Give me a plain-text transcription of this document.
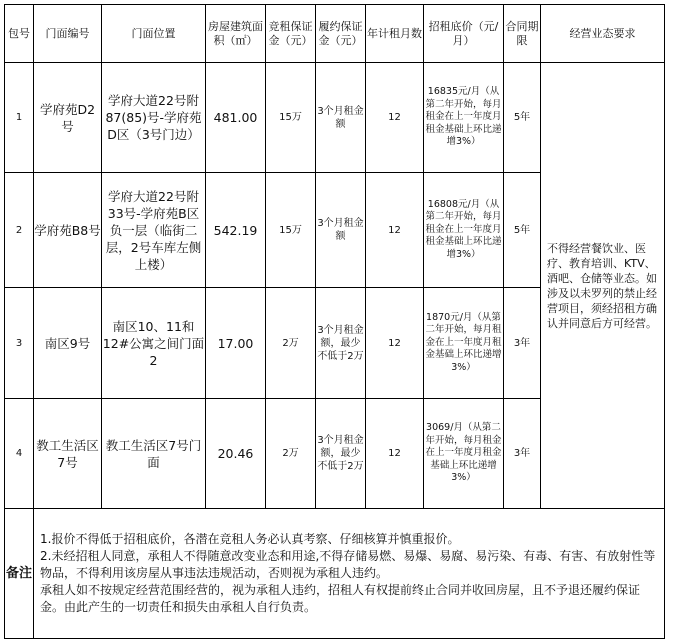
包号	门面编号	门面位置	房屋建筑面积（㎡）	竞租保证金（元）	履约保证金（元）	年计租月数	招租底价（元/月）	合同期限	经营业态要求
1	学府苑D2号	学府大道22号附87(85)号-学府苑D区（3号门边）	481.00	15万	3个月租金额	12	16835元/月（从第二年开始，每月租金在上一年度月租金基础上环比递增3%）	5年	不得经营餐饮业、医疗、教育培训、KTV、酒吧、仓储等业态。如涉及以未罗列的禁止经营项目，须经招租方确认并同意后方可经营。
2	学府苑B8号	学府大道22号附33号-学府苑B区负一层（临街二层，2号车库左侧上楼）	542.19	15万	3个月租金额	12	16808元/月（从第二年开始，每月租金在上一年度月租金基础上环比递增3%）	5年	
3	南区9号	南区10、11和12#公寓之间门面2	17.00	2万	3个月租金额，最少不低于2万	12	1870元/月（从第二年开始，每月租金在上一年度月租金基础上环比递增3%）	3年	
4	教工生活区7号	教工生活区7号门面	20.46	2万	3个月租金额，最少不低于2万	12	3069/月（从第二年开始，每月租金在上一年度月租金基础上环比递增3%）	3年	
备注	1.报价不得低于招租底价，各潜在竞租人务必认真考察、仔细核算并慎重报价。
2.未经招租人同意，承租人不得随意改变业态和用途,不得存储易燃、易爆、易腐、易污染、有毒、有害、有放射性等物品，不得利用该房屋从事违法违规活动，否则视为承租人违约。
承租人如不按规定经营范围经营的，视为承租人违约，招租人有权提前终止合同并收回房屋，且不予退还履约保证金。由此产生的一切责任和损失由承租人自行负责。								
